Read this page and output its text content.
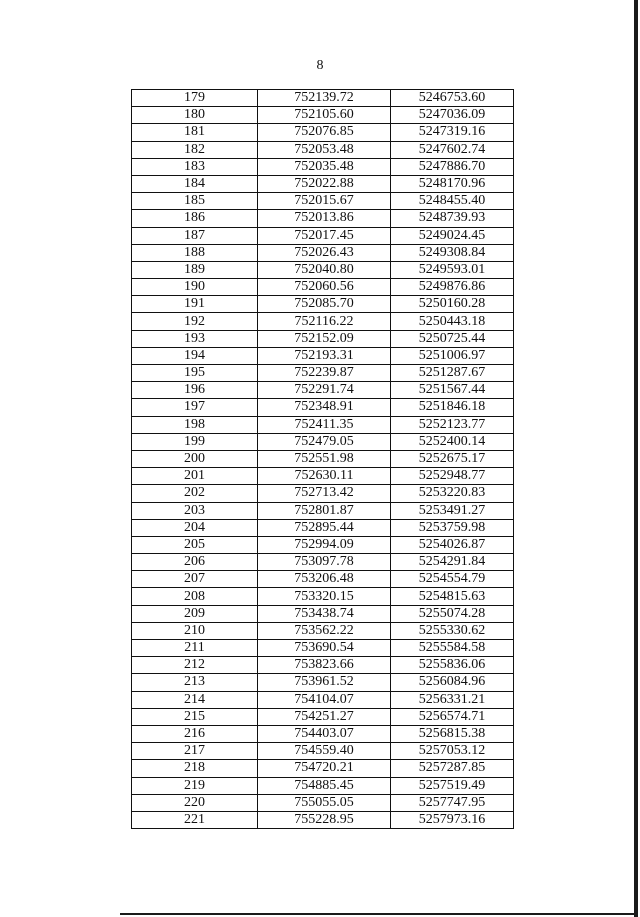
8
179	752139.72	5246753.60
180	752105.60	5247036.09
181	752076.85	5247319.16
182	752053.48	5247602.74
183	752035.48	5247886.70
184	752022.88	5248170.96
185	752015.67	5248455.40
186	752013.86	5248739.93
187	752017.45	5249024.45
188	752026.43	5249308.84
189	752040.80	5249593.01
190	752060.56	5249876.86
191	752085.70	5250160.28
192	752116.22	5250443.18
193	752152.09	5250725.44
194	752193.31	5251006.97
195	752239.87	5251287.67
196	752291.74	5251567.44
197	752348.91	5251846.18
198	752411.35	5252123.77
199	752479.05	5252400.14
200	752551.98	5252675.17
201	752630.11	5252948.77
202	752713.42	5253220.83
203	752801.87	5253491.27
204	752895.44	5253759.98
205	752994.09	5254026.87
206	753097.78	5254291.84
207	753206.48	5254554.79
208	753320.15	5254815.63
209	753438.74	5255074.28
210	753562.22	5255330.62
211	753690.54	5255584.58
212	753823.66	5255836.06
213	753961.52	5256084.96
214	754104.07	5256331.21
215	754251.27	5256574.71
216	754403.07	5256815.38
217	754559.40	5257053.12
218	754720.21	5257287.85
219	754885.45	5257519.49
220	755055.05	5257747.95
221	755228.95	5257973.16
